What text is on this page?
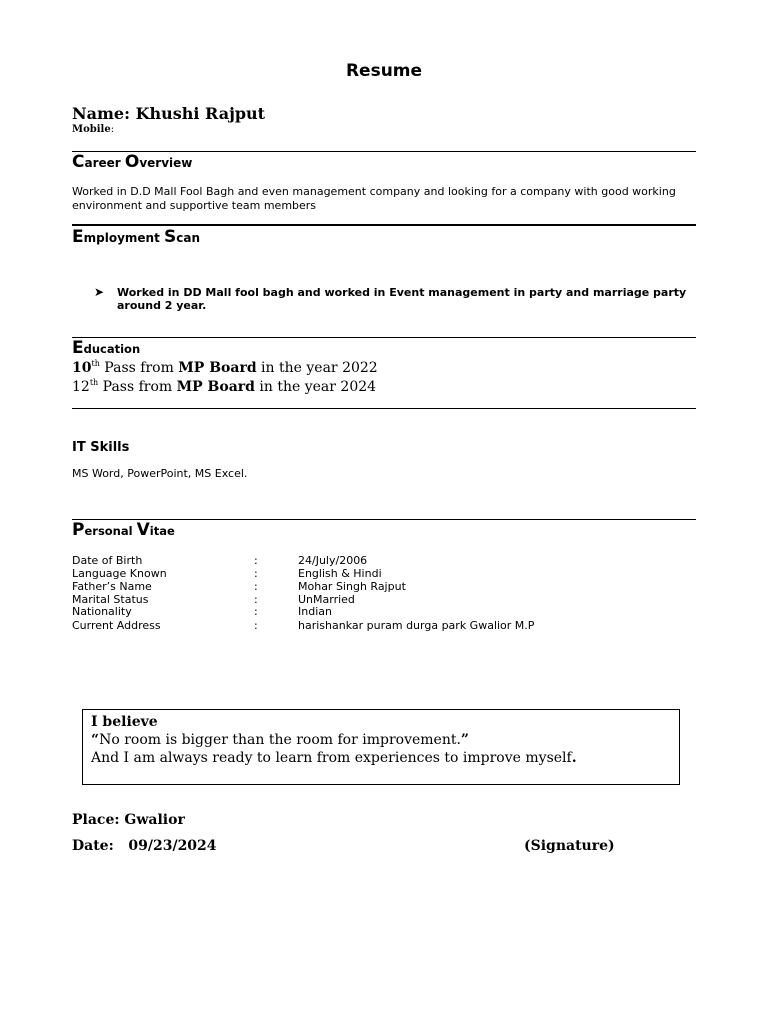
Resume
Name: Khushi Rajput
Mobile:
Career Overview
Worked in D.D Mall Fool Bagh and even management company and looking for a company with good working environment and supportive team members
Employment Scan
➤ Worked in DD Mall fool bagh and worked in Event management in party and marriage party around 2 year.
Education
10th Pass from MP Board in the year 2022
12th Pass from MP Board in the year 2024
IT Skills
MS Word, PowerPoint, MS Excel.
Personal Vitae
Date of Birth	:	24/July/2006
Language Known	:	English & Hindi
Father’s Name	:	Mohar Singh Rajput
Marital Status	:	UnMarried
Nationality	:	Indian
Current Address	:	harishankar puram durga park Gwalior M.P
I believe
“No room is bigger than the room for improvement.”
And I am always ready to learn from experiences to improve myself.
Place: Gwalior
Date:   09/23/2024	(Signature)
